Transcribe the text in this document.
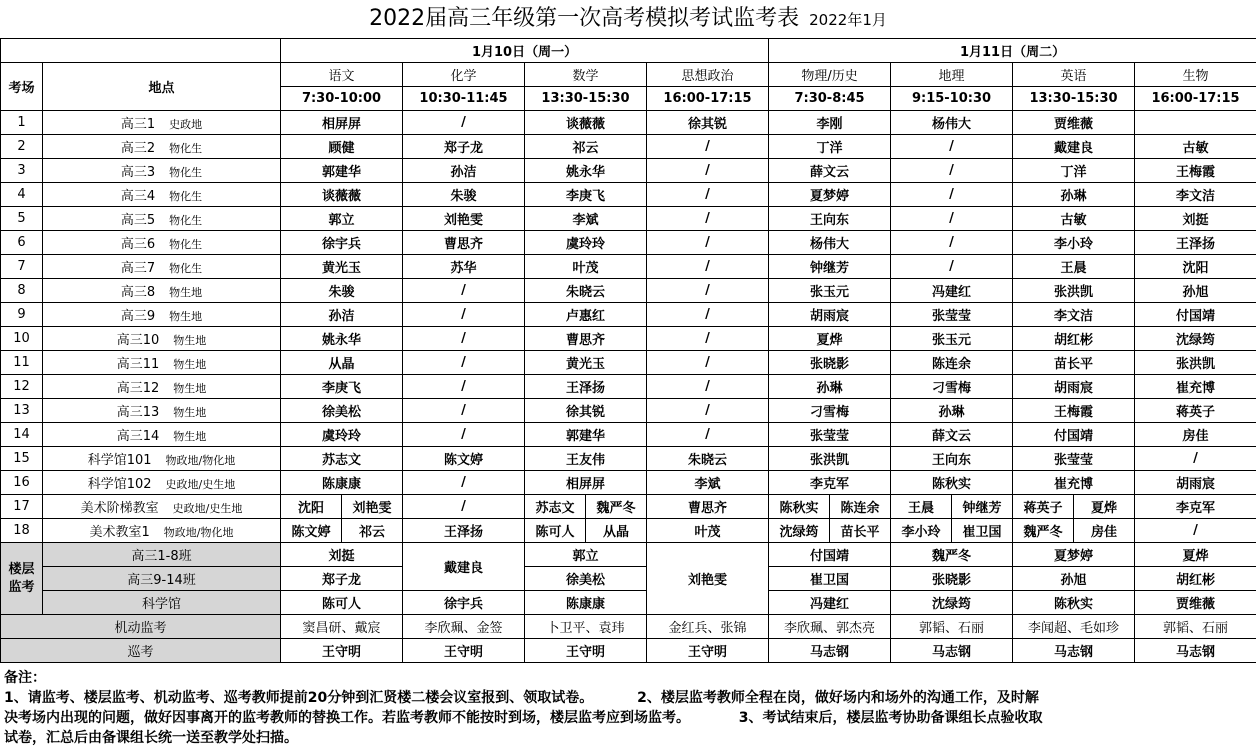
2022届高三年级第一次高考模拟考试监考表 2022年1月
		1月10日（周一）						1月11日（周二）						
考场	地点	语文		化学	数学		思想政治	物理/历史		地理		英语		生物
		7:30-10:00		10:30-11:45	13:30-15:30		16:00-17:15	7:30-8:45		9:15-10:30		13:30-15:30		16:00-17:15
1	高三1 史政地	相屏屏		/	谈薇薇		徐其锐	李刚		杨伟大		贾维薇		
2	高三2 物化生	顾健		郑子龙	祁云		/	丁洋		/		戴建良		古敏
3	高三3 物化生	郭建华		孙洁	姚永华		/	薛文云		/		丁洋		王梅霞
4	高三4 物化生	谈薇薇		朱骏	李庚飞		/	夏梦婷		/		孙琳		李文洁
5	高三5 物化生	郭立		刘艳雯	李斌		/	王向东		/		古敏		刘挺
6	高三6 物化生	徐宇兵		曹思齐	虞玲玲		/	杨伟大		/		李小玲		王泽扬
7	高三7 物化生	黄光玉		苏华	叶茂		/	钟继芳		/		王晨		沈阳
8	高三8 物生地	朱骏		/	朱晓云		/	张玉元		冯建红		张洪凯		孙旭
9	高三9 物生地	孙洁		/	卢惠红		/	胡雨宸		张莹莹		李文洁		付国靖
10	高三10 物生地	姚永华		/	曹思齐		/	夏烨		张玉元		胡红彬		沈绿筠
11	高三11 物生地	从晶		/	黄光玉		/	张晓影		陈连余		苗长平		张洪凯
12	高三12 物生地	李庚飞		/	王泽扬		/	孙琳		刁雪梅		胡雨宸		崔充博
13	高三13 物生地	徐美松		/	徐其锐		/	刁雪梅		孙琳		王梅霞		蒋英子
14	高三14 物生地	虞玲玲		/	郭建华		/	张莹莹		薛文云		付国靖		房佳
15	科学馆101 物政地/物化地	苏志文		陈文婷	王友伟		朱晓云	张洪凯		王向东		张莹莹		/
16	科学馆102 史政地/史生地	陈康康		/	相屏屏		李斌	李克军		陈秋实		崔充博		胡雨宸
17	美术阶梯教室 史政地/史生地	沈阳	刘艳雯	/	苏志文	魏严冬	曹思齐	陈秋实	陈连余	王晨	钟继芳	蒋英子	夏烨	李克军
18	美术教室1 物政地/物化地	陈文婷	祁云	王泽扬	陈可人	从晶	叶茂	沈绿筠	苗长平	李小玲	崔卫国	魏严冬	房佳	/

楼层
监考	高三1-8班	刘挺		戴建良	郭立		刘艳雯	付国靖		魏严冬		夏梦婷		夏烨
	高三9-14班	郑子龙			徐美松			崔卫国		张晓影		孙旭		胡红彬
	科学馆	陈可人		徐宇兵	陈康康			冯建红		沈绿筠		陈秋实		贾维薇
机动监考		窦昌研、戴宸		李欣珮、金签	卜卫平、袁玮		金红兵、张锦	李欣珮、郭杰亮		郭韬、石丽		李闻超、毛如珍		郭韬、石丽
巡考		王守明		王守明	王守明		王守明	马志钢		马志钢		马志钢		马志钢

备注：

1、请监考、楼层监考、机动监考、巡考教师提前20分钟到汇贤楼二楼会议室报到、领取试卷。         2、楼层监考教师全程在岗，做好场内和场外的沟通工作，及时解

决考场内出现的问题，做好因事离开的监考教师的替换工作。若监考教师不能按时到场，楼层监考应到场监考。          3、考试结束后，楼层监考协助备课组长点验收取

试卷，汇总后由备课组长统一送至教学处扫描。
